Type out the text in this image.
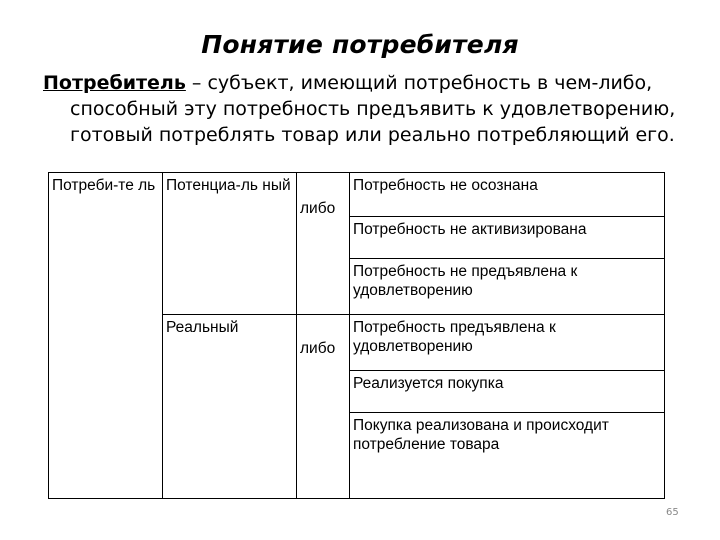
Понятие потребителя
Потребитель – субъект, имеющий потребность в чем-либо,
способный эту потребность предъявить к удовлетворению,
готовый потреблять товар или реально потребляющий его.
Потреби-те ль	Потенциа-ль ный	либо	Потребность не осознана
			Потребность не активизирована
			Потребность не предъявлена к удовлетворению
	Реальный	либо	Потребность предъявлена к удовлетворению
			Реализуется покупка
			Покупка реализована и происходит потребление товара
65
